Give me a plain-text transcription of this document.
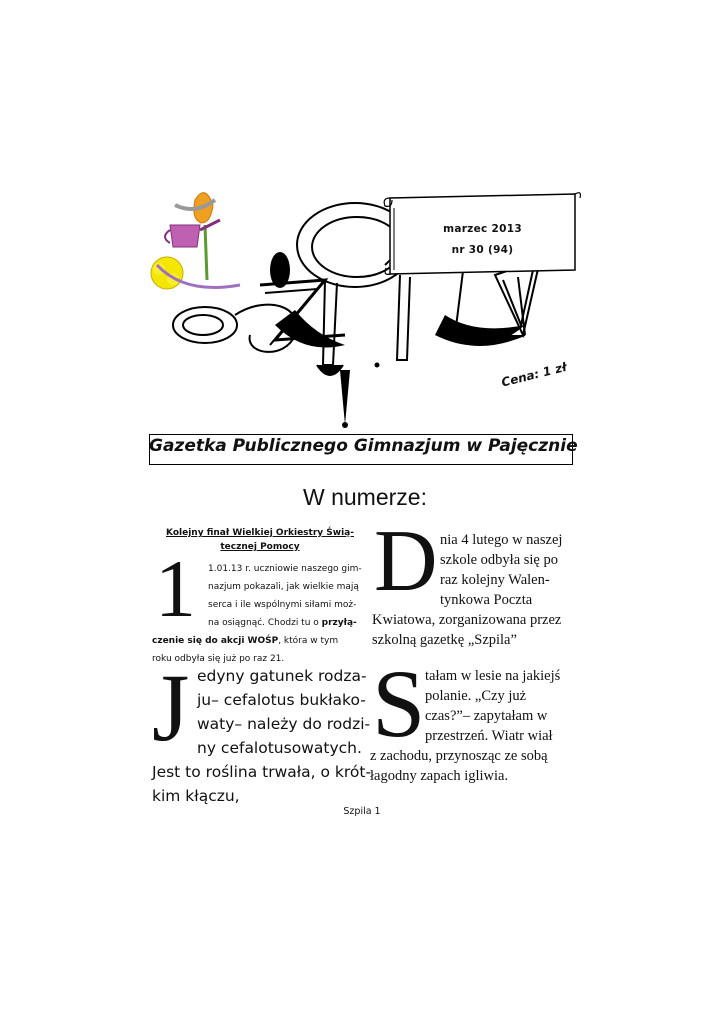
marzec 2013
nr 30 (94)
Cena: 1 zł
Gazetka Publicznego Gimnazjum w Pajęcznie
W numerze:
Kolejny finał Wielkiej Orkiestry Świą-
tecznej Pomocy
1 1.01.13 r. uczniowie naszego gim-
nazjum pokazali, jak wielkie mają
serca i ile wspólnymi siłami moż-
na osiągnąć. Chodzi tu o przyłą-
czenie się do akcji WOŚP, która w tym
roku odbyła się już po raz 21.
D nia 4 lutego w naszej
szkole odbyła się po
raz kolejny Walen-
tynkowa Poczta
Kwiatowa, zorganizowana przez
szkolną gazetkę „Szpila”
J edyny gatunek rodza-
ju– cefalotus bukłako-
waty– należy do rodzi-
ny cefalotusowatych.
Jest to roślina trwała, o krót-
kim kłączu,
S tałam w lesie na jakiejś
polanie. „Czy już
czas?”– zapytałam w
przestrzeń. Wiatr wiał
z zachodu, przynosząc ze sobą
łagodny zapach igliwia.
Szpila 1
